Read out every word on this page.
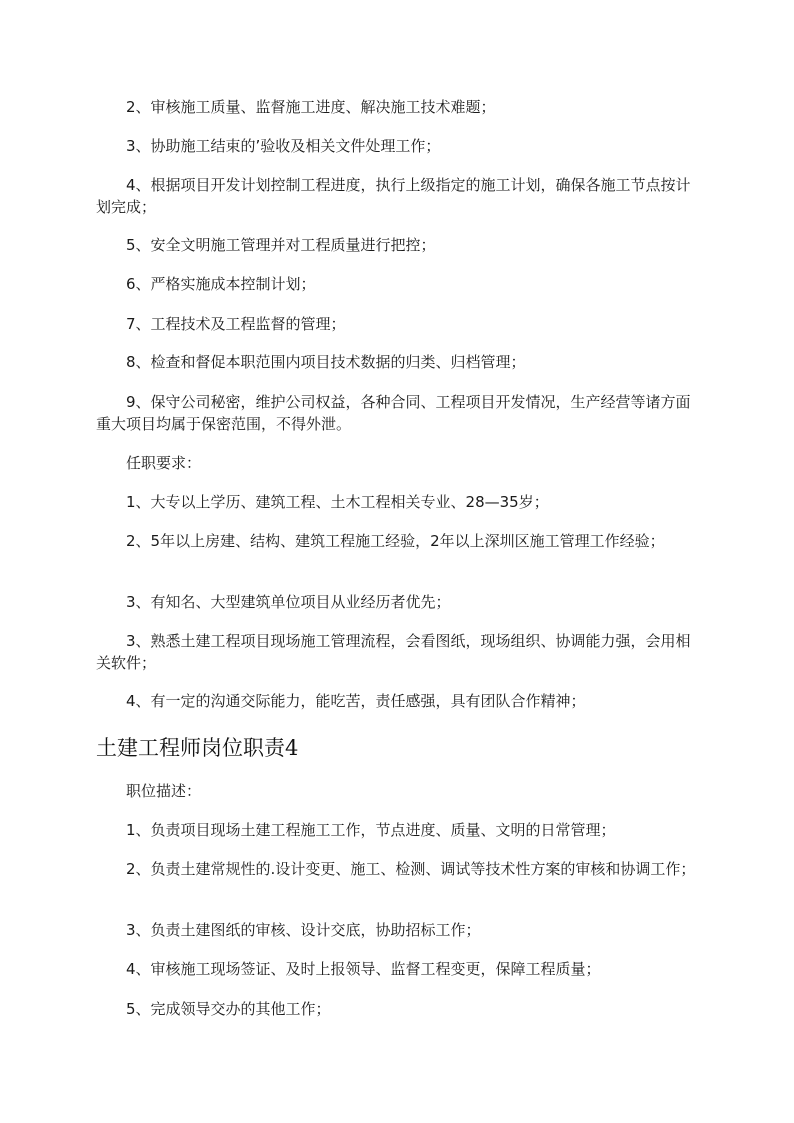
2、审核施工质量、监督施工进度、解决施工技术难题；

3、协助施工结束的’验收及相关文件处理工作；

4、根据项目开发计划控制工程进度，执行上级指定的施工计划，确保各施工节点按计划完成；

5、安全文明施工管理并对工程质量进行把控；

6、严格实施成本控制计划；

7、工程技术及工程监督的管理；

8、检查和督促本职范围内项目技术数据的归类、归档管理；

9、保守公司秘密，维护公司权益，各种合同、工程项目开发情况，生产经营等诸方面重大项目均属于保密范围，不得外泄。

任职要求：

1、大专以上学历、建筑工程、土木工程相关专业、28—35岁；

2、5年以上房建、结构、建筑工程施工经验，2年以上深圳区施工管理工作经验；

3、有知名、大型建筑单位项目从业经历者优先；

3、熟悉土建工程项目现场施工管理流程，会看图纸，现场组织、协调能力强，会用相关软件；

4、有一定的沟通交际能力，能吃苦，责任感强，具有团队合作精神；

土建工程师岗位职责4

职位描述：

1、负责项目现场土建工程施工工作，节点进度、质量、文明的日常管理；

2、负责土建常规性的.设计变更、施工、检测、调试等技术性方案的审核和协调工作；

3、负责土建图纸的审核、设计交底，协助招标工作；

4、审核施工现场签证、及时上报领导、监督工程变更，保障工程质量；

5、完成领导交办的其他工作；
